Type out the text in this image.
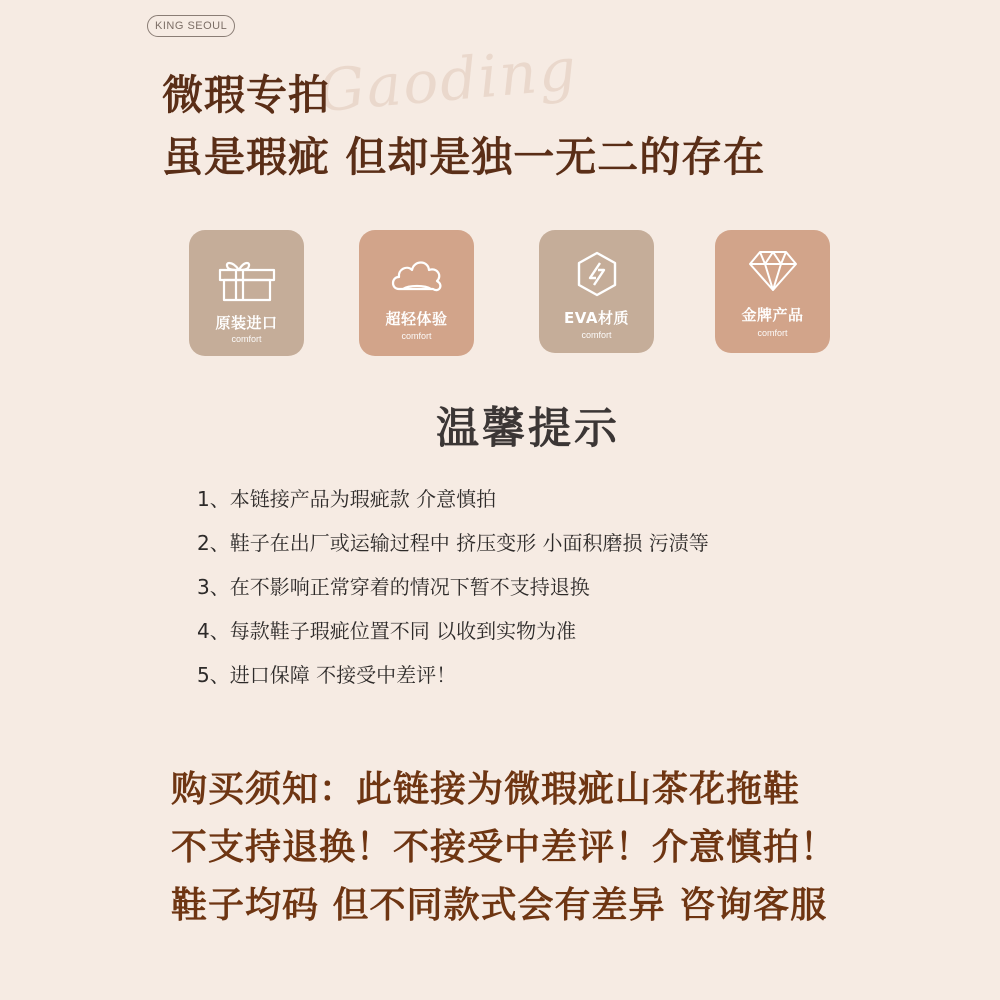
KING SEOUL
Gaoding
微瑕专拍
虽是瑕疵 但却是独一无二的存在
原装进口
comfort
超轻体验
comfort
EVA材质
comfort
金牌产品
comfort
温馨提示
1、本链接产品为瑕疵款 介意慎拍
2、鞋子在出厂或运输过程中 挤压变形 小面积磨损 污渍等
3、在不影响正常穿着的情况下暂不支持退换
4、每款鞋子瑕疵位置不同 以收到实物为准
5、进口保障 不接受中差评！
购买须知：此链接为微瑕疵山茶花拖鞋
不支持退换！不接受中差评！介意慎拍！
鞋子均码 但不同款式会有差异 咨询客服
